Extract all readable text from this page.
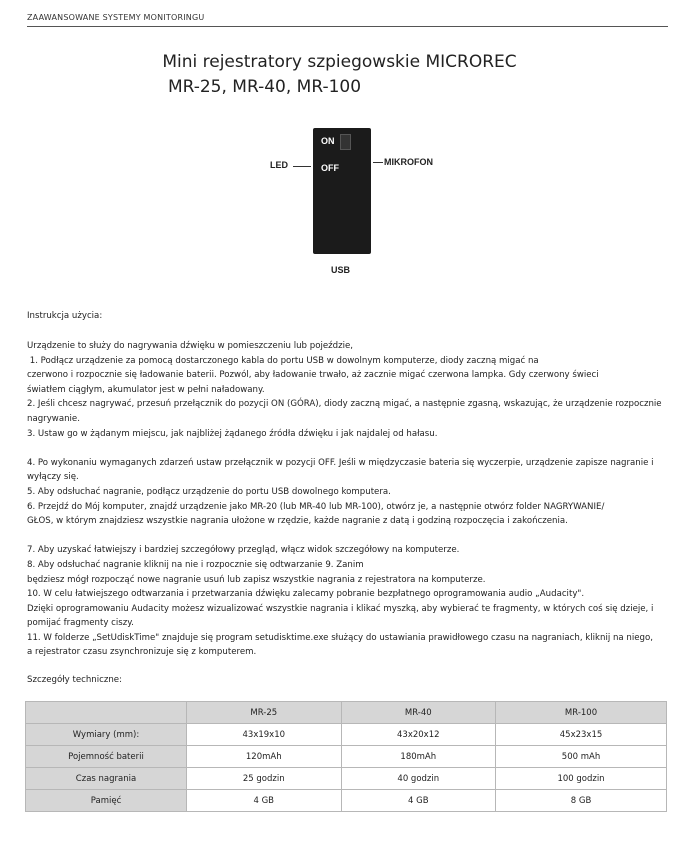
ZAAWANSOWANE SYSTEMY MONITORINGU
Mini rejestratory szpiegowskie MICROREC
MR-25, MR-40, MR-100
ON
OFF
LED	MIKROFON
USB

Instrukcja użycia:

Urządzenie to służy do nagrywania dźwięku w pomieszczeniu lub pojeździe,

1. Podłącz urządzenie za pomocą dostarczonego kabla do portu USB w dowolnym komputerze, diody zaczną migać na

czerwono i rozpocznie się ładowanie baterii. Pozwól, aby ładowanie trwało, aż zacznie migać czerwona lampka. Gdy czerwony świeci

światłem ciągłym, akumulator jest w pełni naładowany.

2. Jeśli chcesz nagrywać, przesuń przełącznik do pozycji ON (GÓRA), diody zaczną migać, a następnie zgasną, wskazując, że urządzenie rozpocznie

nagrywanie.

3. Ustaw go w żądanym miejscu, jak najbliżej żądanego źródła dźwięku i jak najdalej od hałasu.

4. Po wykonaniu wymaganych zdarzeń ustaw przełącznik w pozycji OFF. Jeśli w międzyczasie bateria się wyczerpie, urządzenie zapisze nagranie i

wyłączy się.

5. Aby odsłuchać nagranie, podłącz urządzenie do portu USB dowolnego komputera.

6. Przejdź do Mój komputer, znajdź urządzenie jako MR-20 (lub MR-40 lub MR-100), otwórz je, a następnie otwórz folder NAGRYWANIE/

GŁOS, w którym znajdziesz wszystkie nagrania ułożone w rzędzie, każde nagranie z datą i godziną rozpoczęcia i zakończenia.

7. Aby uzyskać łatwiejszy i bardziej szczegółowy przegląd, włącz widok szczegółowy na komputerze.

8. Aby odsłuchać nagranie kliknij na nie i rozpocznie się odtwarzanie 9. Zanim

będziesz mógł rozpocząć nowe nagranie usuń lub zapisz wszystkie nagrania z rejestratora na komputerze.

10. W celu łatwiejszego odtwarzania i przetwarzania dźwięku zalecamy pobranie bezpłatnego oprogramowania audio „Audacity".

Dzięki oprogramowaniu Audacity możesz wizualizować wszystkie nagrania i klikać myszką, aby wybierać te fragmenty, w których coś się dzieje, i

pomijać fragmenty ciszy.

11. W folderze „SetUdiskTime" znajduje się program setudisktime.exe służący do ustawiania prawidłowego czasu na nagraniach, kliknij na niego,

a rejestrator czasu zsynchronizuje się z komputerem.

Szczegóły techniczne:

	MR-25	MR-40	MR-100
Wymiary (mm):	43x19x10	43x20x12	45x23x15
Pojemność baterii	120mAh	180mAh	500 mAh
Czas nagrania	25 godzin	40 godzin	100 godzin
Pamięć	4 GB	4 GB	8 GB
